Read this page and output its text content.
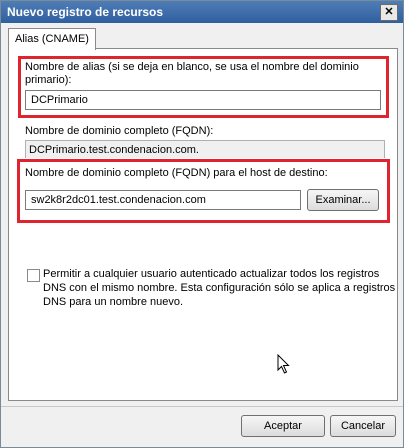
Nuevo registro de recursos	✕
Alias (CNAME)
Nombre de alias (si se deja en blanco, se usa el nombre del dominio
primario):
DCPrimario
Nombre de dominio completo (FQDN):
DCPrimario.test.condenacion.com.
Nombre de dominio completo (FQDN) para el host de destino:
sw2k8r2dc01.test.condenacion.com	Examinar...
Permitir a cualquier usuario autenticado actualizar todos los registros
DNS con el mismo nombre. Esta configuración sólo se aplica a registros
DNS para un nombre nuevo.
Aceptar	Cancelar
